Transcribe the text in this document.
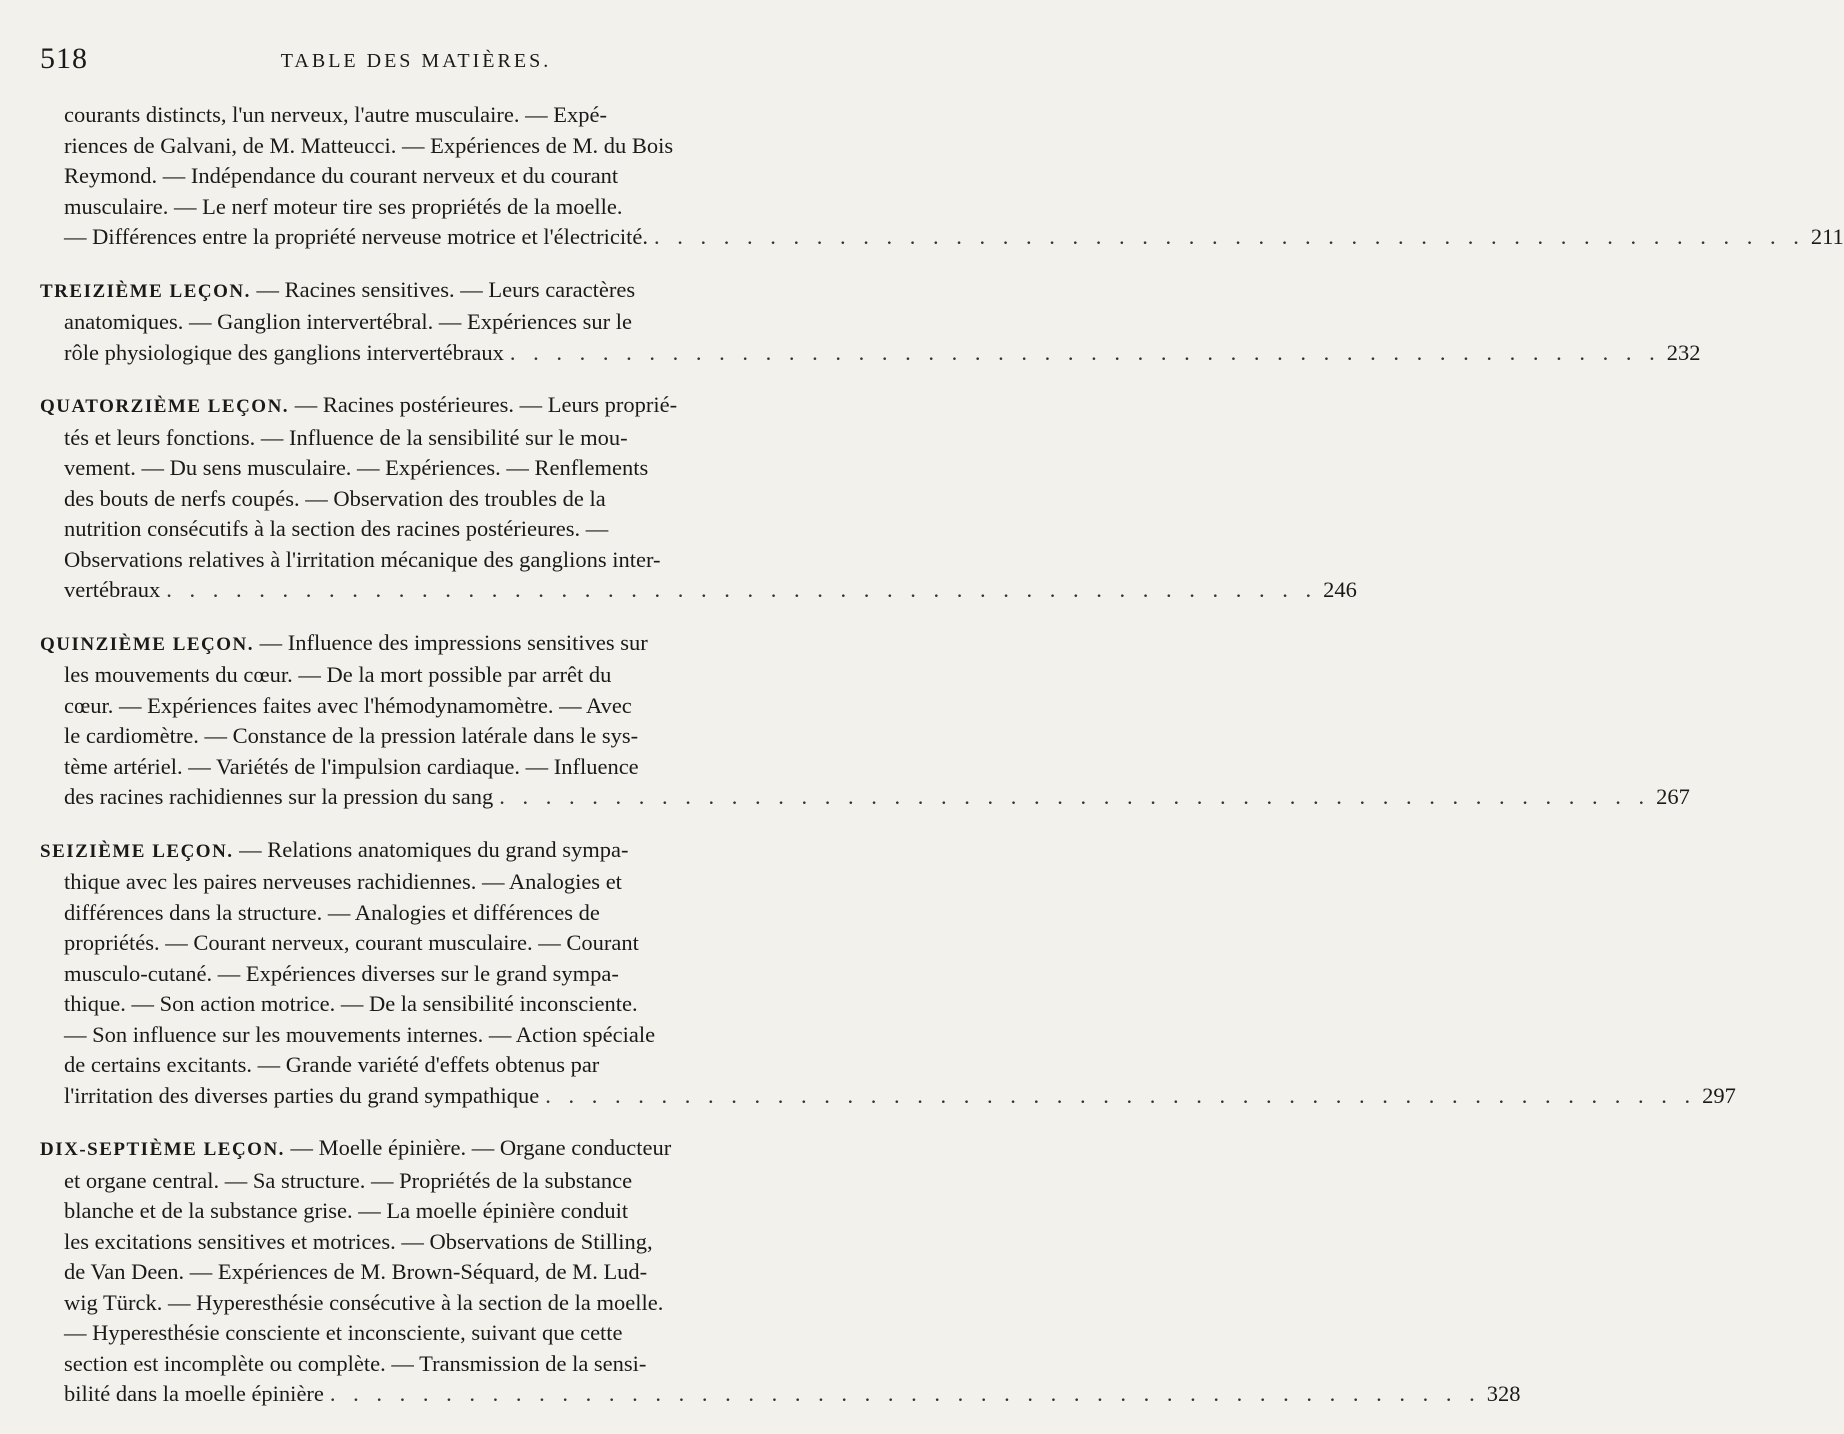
518	TABLE DES MATIÈRES.
courants distincts, l'un nerveux, l'autre musculaire. — Expé-
riences de Galvani, de M. Matteucci. — Expériences de M. du Bois
Reymond. — Indépendance du courant nerveux et du courant
musculaire. — Le nerf moteur tire ses propriétés de la moelle.
— Différences entre la propriété nerveuse motrice et l'électricité. . . . . . . . . . . . . . . . . . . . . . . . . . . . . . . . . . . . . . . . . . . . . . . . . . . 211
TREIZIÈME LEÇON. — Racines sensitives. — Leurs caractères
anatomiques. — Ganglion intervertébral. — Expériences sur le
rôle physiologique des ganglions intervertébraux . . . . . . . . . . . . . . . . . . . . . . . . . . . . . . . . . . . . . . . . . . . . . . . . . . 232
QUATORZIÈME LEÇON. — Racines postérieures. — Leurs proprié-
tés et leurs fonctions. — Influence de la sensibilité sur le mou-
vement. — Du sens musculaire. — Expériences. — Renflements
des bouts de nerfs coupés. — Observation des troubles de la
nutrition consécutifs à la section des racines postérieures. —
Observations relatives à l'irritation mécanique des ganglions inter-
vertébraux . . . . . . . . . . . . . . . . . . . . . . . . . . . . . . . . . . . . . . . . . . . . . . . . . . 246
QUINZIÈME LEÇON. — Influence des impressions sensitives sur
les mouvements du cœur. — De la mort possible par arrêt du
cœur. — Expériences faites avec l'hémodynamomètre. — Avec
le cardiomètre. — Constance de la pression latérale dans le sys-
tème artériel. — Variétés de l'impulsion cardiaque. — Influence
des racines rachidiennes sur la pression du sang . . . . . . . . . . . . . . . . . . . . . . . . . . . . . . . . . . . . . . . . . . . . . . . . . . 267
SEIZIÈME LEÇON. — Relations anatomiques du grand sympa-
thique avec les paires nerveuses rachidiennes. — Analogies et
différences dans la structure. — Analogies et différences de
propriétés. — Courant nerveux, courant musculaire. — Courant
musculo-cutané. — Expériences diverses sur le grand sympa-
thique. — Son action motrice. — De la sensibilité inconsciente.
— Son influence sur les mouvements internes. — Action spéciale
de certains excitants. — Grande variété d'effets obtenus par
l'irritation des diverses parties du grand sympathique . . . . . . . . . . . . . . . . . . . . . . . . . . . . . . . . . . . . . . . . . . . . . . . . . . 297
DIX-SEPTIÈME LEÇON. — Moelle épinière. — Organe conducteur
et organe central. — Sa structure. — Propriétés de la substance
blanche et de la substance grise. — La moelle épinière conduit
les excitations sensitives et motrices. — Observations de Stilling,
de Van Deen. — Expériences de M. Brown-Séquard, de M. Lud-
wig Türck. — Hyperesthésie consécutive à la section de la moelle.
— Hyperesthésie consciente et inconsciente, suivant que cette
section est incomplète ou complète. — Transmission de la sensi-
bilité dans la moelle épinière . . . . . . . . . . . . . . . . . . . . . . . . . . . . . . . . . . . . . . . . . . . . . . . . . . 328
